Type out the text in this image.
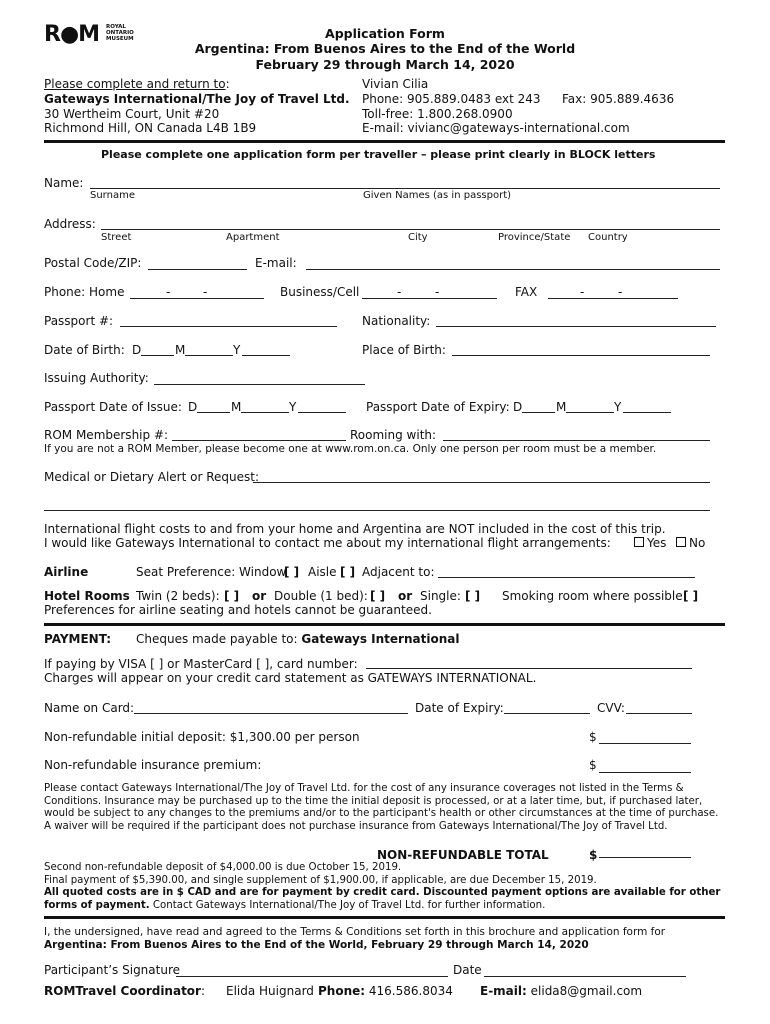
R●M ROYAL
ONTARIO
MUSEUM	Application Form
Argentina: From Buenos Aires to the End of the World
February 29 through March 14, 2020
Please complete and return to:
Gateways International/The Joy of Travel Ltd.
30 Wertheim Court, Unit #20
Richmond Hill, ON Canada L4B 1B9
Vivian Cilia
Phone: 905.889.0483 ext 243 Fax: 905.889.4636
Toll-free: 1.800.268.0900
E-mail: vivianc@gateways-international.com
Please complete one application form per traveller – please print clearly in BLOCK letters
Name:
Surname	Given Names (as in passport)
Address:
Street	Apartment	City	Province/State Country
Postal Code/ZIP:	E-mail:
Phone: Home	-	-	Business/Cell	-	-	FAX	-	-
Passport #:	Nationality:
Date of Birth: D	M	Y	Place of Birth:
Issuing Authority:
Passport Date of Issue: D	M	Y	Passport Date of Expiry: D	M	Y
ROM Membership #:	Rooming with:
If you are not a ROM Member, please become one at www.rom.on.ca. Only one person per room must be a member.
Medical or Dietary Alert or Request:
International flight costs to and from your home and Argentina are NOT included in the cost of this trip.
I would like Gateways International to contact me about my international flight arrangements:	Yes	No
Airline	Seat Preference: Window
[ ] Aisle [ ] Adjacent to:
Hotel Rooms Twin (2 beds): [ ] or Double (1 bed): [ ] or Single: [ ] Smoking room where possible:
[ ]
Preferences for airline seating and hotels cannot be guaranteed.
PAYMENT: Cheques made payable to: Gateways International
If paying by VISA [ ] or MasterCard [ ], card number:
Charges will appear on your credit card statement as GATEWAYS INTERNATIONAL.
Name on Card:	Date of Expiry:	CVV:
Non-refundable initial deposit: $1,300.00 per person	$
Non-refundable insurance premium:	$
Please contact Gateways International/The Joy of Travel Ltd. for the cost of any insurance coverages not listed in the Terms &
Conditions. Insurance may be purchased up to the time the initial deposit is processed, or at a later time, but, if purchased later,
would be subject to any changes to the premiums and/or to the participant's health or other circumstances at the time of purchase.
A waiver will be required if the participant does not purchase insurance from Gateways International/The Joy of Travel Ltd.
NON-REFUNDABLE TOTAL	$
Second non-refundable deposit of $4,000.00 is due October 15, 2019.
Final payment of $5,390.00, and single supplement of $1,900.00, if applicable, are due December 15, 2019.
All quoted costs are in $ CAD and are for payment by credit card. Discounted payment options are available for other
forms of payment. Contact Gateways International/The Joy of Travel Ltd. for further information.
I, the undersigned, have read and agreed to the Terms & Conditions set forth in this brochure and application form for
Argentina: From Buenos Aires to the End of the World, February 29 through March 14, 2020
Participant’s Signature	Date
ROMTravel Coordinator: Elida Huignard Phone: 416.586.8034 E-mail: elida8@gmail.com
